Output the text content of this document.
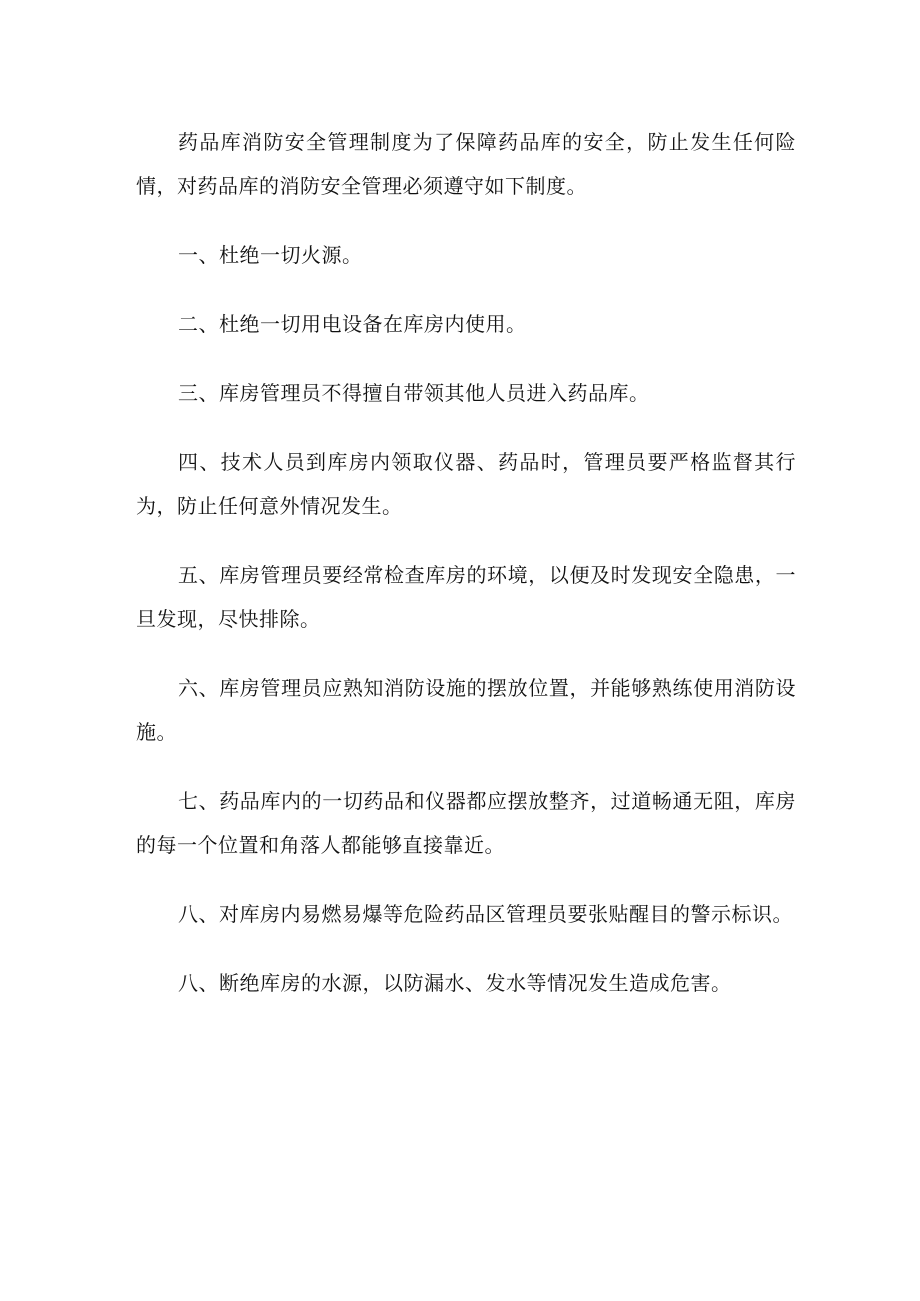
药品库消防安全管理制度为了保障药品库的安全，防止发生任何险情，对药品库的消防安全管理必须遵守如下制度。

一、杜绝一切火源。

二、杜绝一切用电设备在库房内使用。

三、库房管理员不得擅自带领其他人员进入药品库。

四、技术人员到库房内领取仪器、药品时，管理员要严格监督其行为，防止任何意外情况发生。

五、库房管理员要经常检查库房的环境，以便及时发现安全隐患，一旦发现，尽快排除。

六、库房管理员应熟知消防设施的摆放位置，并能够熟练使用消防设施。

七、药品库内的一切药品和仪器都应摆放整齐，过道畅通无阻，库房的每一个位置和角落人都能够直接靠近。

八、对库房内易燃易爆等危险药品区管理员要张贴醒目的警示标识。

八、断绝库房的水源，以防漏水、发水等情况发生造成危害。
